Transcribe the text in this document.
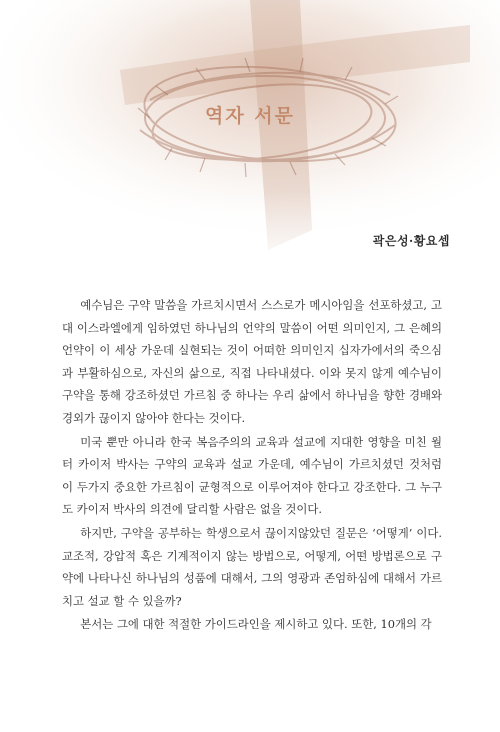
역자 서문
곽은성·황요셉

예수님은 구약 말씀을 가르치시면서 스스로가 메시아임을 선포하셨고, 고대 이스라엘에게 임하였던 하나님의 언약의 말씀이 어떤 의미인지, 그 은혜의 언약이 이 세상 가운데 실현되는 것이 어떠한 의미인지 십자가에서의 죽으심과 부활하심으로, 자신의 삶으로, 직접 나타내셨다. 이와 못지 않게 예수님이 구약을 통해 강조하셨던 가르침 중 하나는 우리 삶에서 하나님을 향한 경배와 경외가 끊이지 않아야 한다는 것이다.

미국 뿐만 아니라 한국 복음주의의 교육과 설교에 지대한 영향을 미친 월터 카이저 박사는 구약의 교육과 설교 가운데, 예수님이 가르치셨던 것처럼 이 두가지 중요한 가르침이 균형적으로 이루어져야 한다고 강조한다. 그 누구도 카이저 박사의 의견에 달리할 사람은 없을 것이다.

하지만, 구약을 공부하는 학생으로서 끊이지않았던 질문은 ‘어떻게’ 이다. 교조적, 강압적 혹은 기계적이지 않는 방법으로, 어떻게, 어떤 방법론으로 구약에 나타나신 하나님의 성품에 대해서, 그의 영광과 존엄하심에 대해서 가르치고 설교 할 수 있을까?

본서는 그에 대한 적절한 가이드라인을 제시하고 있다. 또한, 10개의 각
